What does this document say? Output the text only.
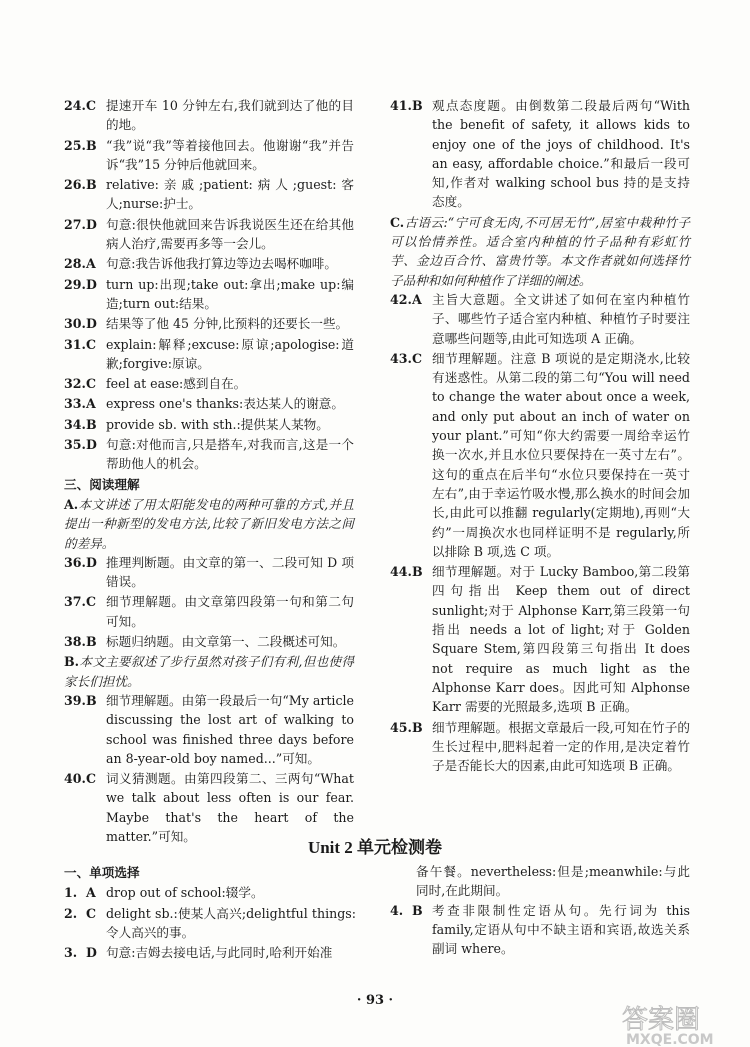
24.C 提速开车 10 分钟左右,我们就到达了他的目的地。
25.B “我”说“我”等着接他回去。他谢谢“我”并告诉“我”15 分钟后他就回来。
26.B relative:亲戚;patient:病人;guest:客人;nurse:护士。
27.D 句意:很快他就回来告诉我说医生还在给其他病人治疗,需要再多等一会儿。
28.A 句意:我告诉他我打算边等边去喝杯咖啡。
29.D turn up:出现;take out:拿出;make up:编造;turn out:结果。
30.D 结果等了他 45 分钟,比预料的还要长一些。
31.C explain:解释;excuse:原谅;apologise:道歉;forgive:原谅。
32.C feel at ease:感到自在。
33.A express one's thanks:表达某人的谢意。
34.B provide sb. with sth.:提供某人某物。
35.D 句意:对他而言,只是搭车,对我而言,这是一个帮助他人的机会。
三、阅读理解
A.本文讲述了用太阳能发电的两种可靠的方式,并且提出一种新型的发电方法,比较了新旧发电方法之间的差异。
36.D 推理判断题。由文章的第一、二段可知 D 项错误。
37.C 细节理解题。由文章第四段第一句和第二句可知。
38.B 标题归纳题。由文章第一、二段概述可知。
B.本文主要叙述了步行虽然对孩子们有利,但也使得家长们担忧。
39.B 细节理解题。由第一段最后一句“My article discussing the lost art of walking to school was finished three days before an 8-year-old boy named...”可知。
40.C 词义猜测题。由第四段第二、三两句“What we talk about less often is our fear. Maybe that's the heart of the matter.”可知。
41.B 观点态度题。由倒数第二段最后两句“With the benefit of safety, it allows kids to enjoy one of the joys of childhood. It's an easy, affordable choice.”和最后一段可知,作者对 walking school bus 持的是支持态度。
C.古语云:“宁可食无肉,不可居无竹”,居室中栽种竹子可以怡情养性。适合室内种植的竹子品种有彩虹竹芋、金边百合竹、富贵竹等。本文作者就如何选择竹子品种和如何种植作了详细的阐述。
42.A 主旨大意题。全文讲述了如何在室内种植竹子、哪些竹子适合室内种植、种植竹子时要注意哪些问题等,由此可知选项 A 正确。
43.C 细节理解题。注意 B 项说的是定期浇水,比较有迷惑性。从第二段的第二句“You will need to change the water about once a week, and only put about an inch of water on your plant.”可知“你大约需要一周给幸运竹换一次水,并且水位只要保持在一英寸左右”。这句的重点在后半句“水位只要保持在一英寸左右”,由于幸运竹吸水慢,那么换水的时间会加长,由此可以推翻 regularly(定期地),再则“大约”一周换次水也同样证明不是 regularly,所以排除 B 项,选 C 项。
44.B 细节理解题。对于 Lucky Bamboo,第二段第四句指出 Keep them out of direct sunlight;对于 Alphonse Karr,第三段第一句指出 needs a lot of light;对于 Golden Square Stem,第四段第三句指出 It does not require as much light as the Alphonse Karr does。因此可知 Alphonse Karr 需要的光照最多,选项 B 正确。
45.B 细节理解题。根据文章最后一段,可知在竹子的生长过程中,肥料起着一定的作用,是决定着竹子是否能长大的因素,由此可知选项 B 正确。
Unit 2 单元检测卷
一、单项选择
1. A drop out of school:辍学。
2. C delight sb.:使某人高兴;delightful things:令人高兴的事。
3. D 句意:吉姆去接电话,与此同时,哈利开始准
备午餐。nevertheless:但是;meanwhile:与此同时,在此期间。
4. B 考查非限制性定语从句。先行词为 this family,定语从句中不缺主语和宾语,故选关系副词 where。
· 93 ·
答案圈
MXQE.COM
